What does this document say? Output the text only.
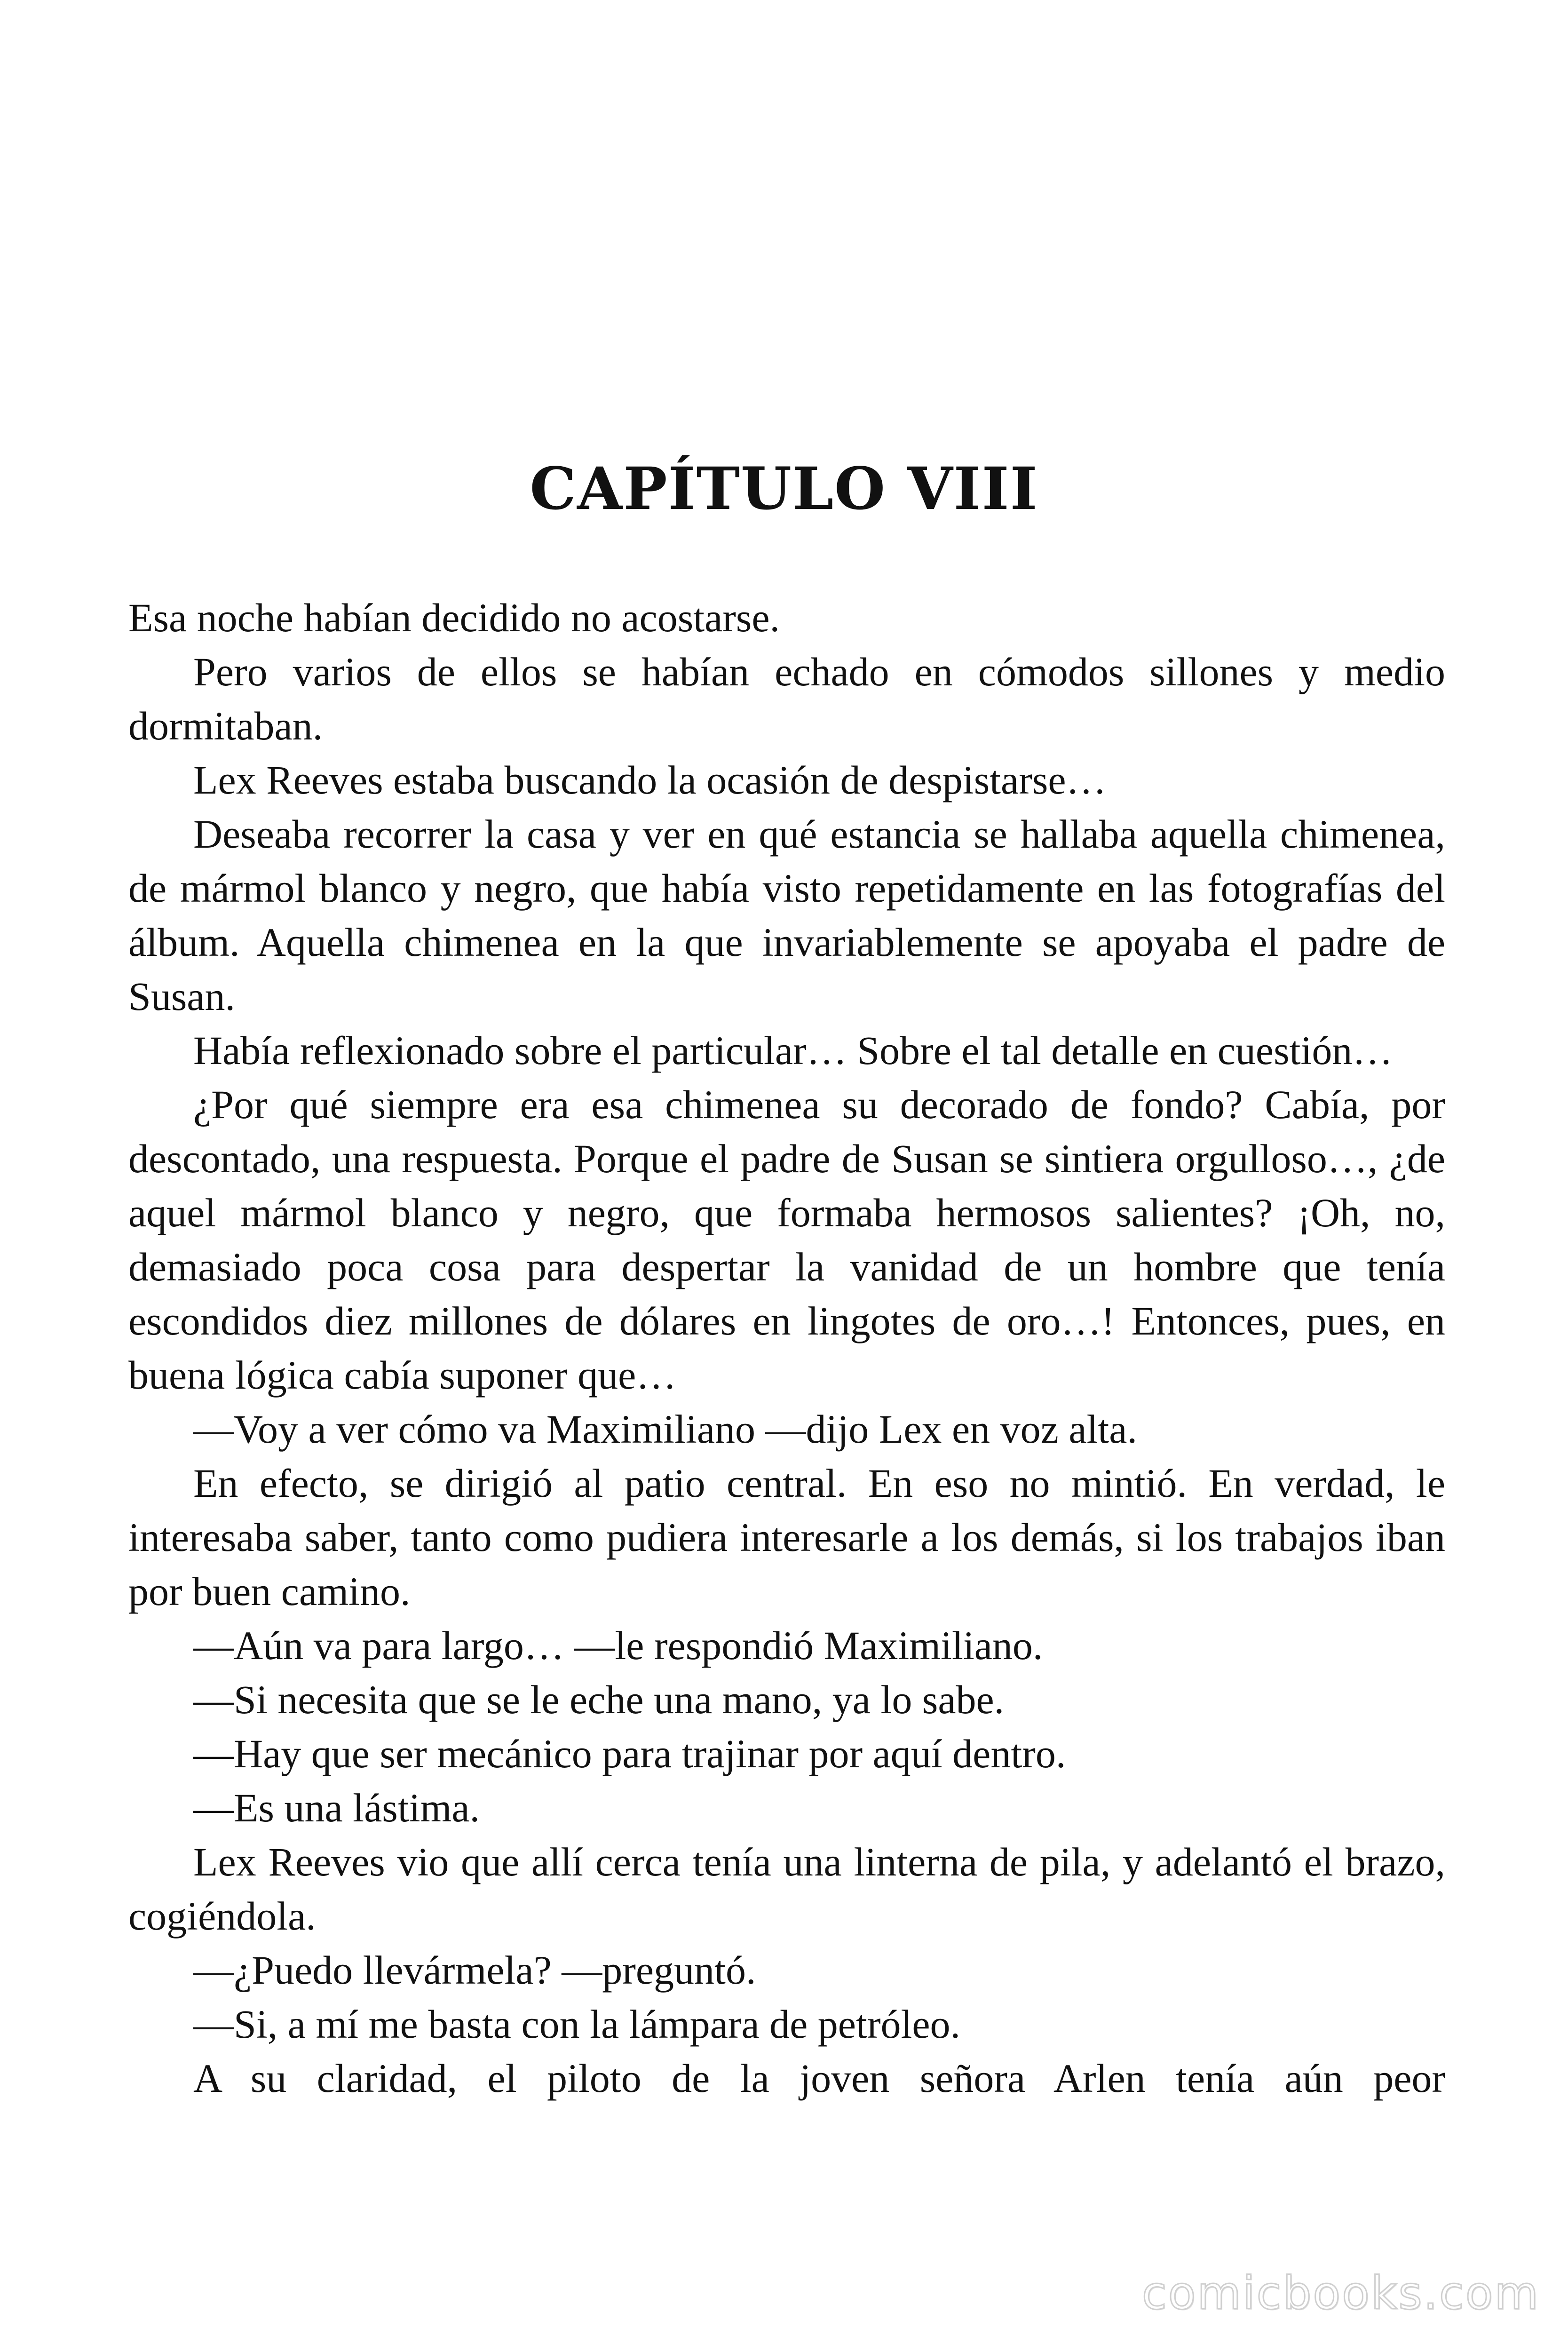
CAPÍTULO VIII

Esa noche habían decidido no acostarse.

Pero varios de ellos se habían echado en cómodos sillones y medio dormitaban.

Lex Reeves estaba buscando la ocasión de despistarse…

Deseaba recorrer la casa y ver en qué estancia se hallaba aquella chimenea, de mármol blanco y negro, que había visto repetidamente en las fotografías del álbum. Aquella chimenea en la que invariablemente se apoyaba el padre de Susan.

Había reflexionado sobre el particular… Sobre el tal detalle en cuestión…

¿Por qué siempre era esa chimenea su decorado de fondo? Cabía, por descontado, una respuesta. Porque el padre de Susan se sintiera orgulloso…, ¿de aquel mármol blanco y negro, que formaba hermosos salientes? ¡Oh, no, demasiado poca cosa para despertar la vanidad de un hombre que tenía escondidos diez millones de dólares en lingotes de oro…! Entonces, pues, en buena lógica cabía suponer que…

—Voy a ver cómo va Maximiliano —dijo Lex en voz alta.

En efecto, se dirigió al patio central. En eso no mintió. En verdad, le interesaba saber, tanto como pudiera interesarle a los demás, si los trabajos iban por buen camino.

—Aún va para largo… —le respondió Maximiliano.

—Si necesita que se le eche una mano, ya lo sabe.

—Hay que ser mecánico para trajinar por aquí dentro.

—Es una lástima.

Lex Reeves vio que allí cerca tenía una linterna de pila, y adelantó el brazo, cogiéndola.

—¿Puedo llevármela? —preguntó.

—Si, a mí me basta con la lámpara de petróleo.

A su claridad, el piloto de la joven señora Arlen tenía aún peor

comicbooks.com
